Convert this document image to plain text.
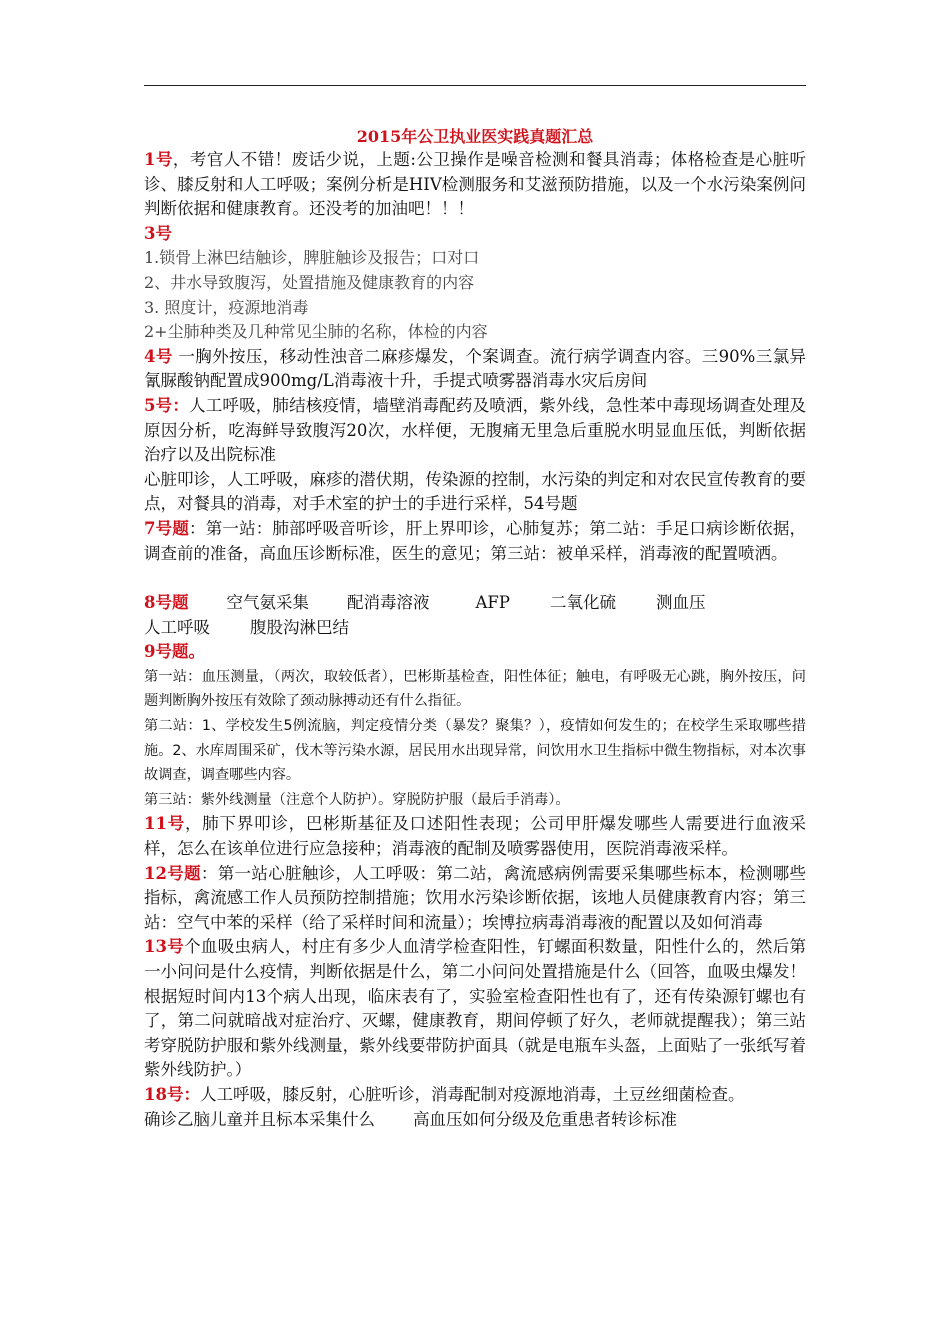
2015年公卫执业医实践真题汇总

1号，考官人不错！废话少说，上题:公卫操作是噪音检测和餐具消毒；体格检查是心脏听诊、膝反射和人工呼吸；案例分析是HIV检测服务和艾滋预防措施，以及一个水污染案例问判断依据和健康教育。还没考的加油吧！！！

3号

1.锁骨上淋巴结触诊，脾脏触诊及报告；口对口

2、井水导致腹泻，处置措施及健康教育的内容

3. 照度计，疫源地消毒

2+尘肺种类及几种常见尘肺的名称，体检的内容

4号 一胸外按压，移动性浊音二麻疹爆发，个案调查。流行病学调查内容。三90%三氯异氰脲酸钠配置成900mg/L消毒液十升，手提式喷雾器消毒水灾后房间

5号：人工呼吸，肺结核疫情，墙壁消毒配药及喷洒，紫外线，急性苯中毒现场调查处理及原因分析，吃海鲜导致腹泻20次，水样便，无腹痛无里急后重脱水明显血压低，判断依据治疗以及出院标准

心脏叩诊，人工呼吸，麻疹的潜伏期，传染源的控制，水污染的判定和对农民宣传教育的要点，对餐具的消毒，对手术室的护士的手进行采样，54号题

7号题：第一站：肺部呼吸音听诊，肝上界叩诊，心肺复苏；第二站：手足口病诊断依据，调查前的准备，高血压诊断标准，医生的意见；第三站：被单采样，消毒液的配置喷洒。

8号题 空气氨采集 配消毒溶液	AFP 二氧化硫 测血压
人工呼吸 腹股沟淋巴结

9号题。

第一站：血压测量，（两次，取较低者），巴彬斯基检查，阳性体征；触电，有呼吸无心跳，胸外按压，问题判断胸外按压有效除了颈动脉搏动还有什么指征。

第二站：1、学校发生5例流脑，判定疫情分类（暴发？聚集？），疫情如何发生的；在校学生采取哪些措施。2、水库周围采矿，伐木等污染水源，居民用水出现异常，问饮用水卫生指标中微生物指标，对本次事故调查，调查哪些内容。

第三站：紫外线测量（注意个人防护）。穿脱防护服（最后手消毒）。

11号，肺下界叩诊，巴彬斯基征及口述阳性表现；公司甲肝爆发哪些人需要进行血液采样，怎么在该单位进行应急接种；消毒液的配制及喷雾器使用，医院消毒液采样。

12号题：第一站心脏触诊，人工呼吸：第二站，禽流感病例需要采集哪些标本，检测哪些指标，禽流感工作人员预防控制措施；饮用水污染诊断依据，该地人员健康教育内容；第三站：空气中苯的采样（给了采样时间和流量）；埃博拉病毒消毒液的配置以及如何消毒

13号个血吸虫病人，村庄有多少人血清学检查阳性，钉螺面积数量，阳性什么的，然后第一小问问是什么疫情，判断依据是什么，第二小问问处置措施是什么（回答，血吸虫爆发！根据短时间内13个病人出现，临床表有了，实验室检查阳性也有了，还有传染源钉螺也有了，第二问就暗战对症治疗、灭螺，健康教育，期间停顿了好久，老师就提醒我）；第三站考穿脱防护服和紫外线测量，紫外线要带防护面具（就是电瓶车头盔，上面贴了一张纸写着紫外线防护。）

18号：人工呼吸，膝反射，心脏听诊，消毒配制对疫源地消毒，土豆丝细菌检查。

确诊乙脑儿童并且标本采集什么 高血压如何分级及危重患者转诊标准
